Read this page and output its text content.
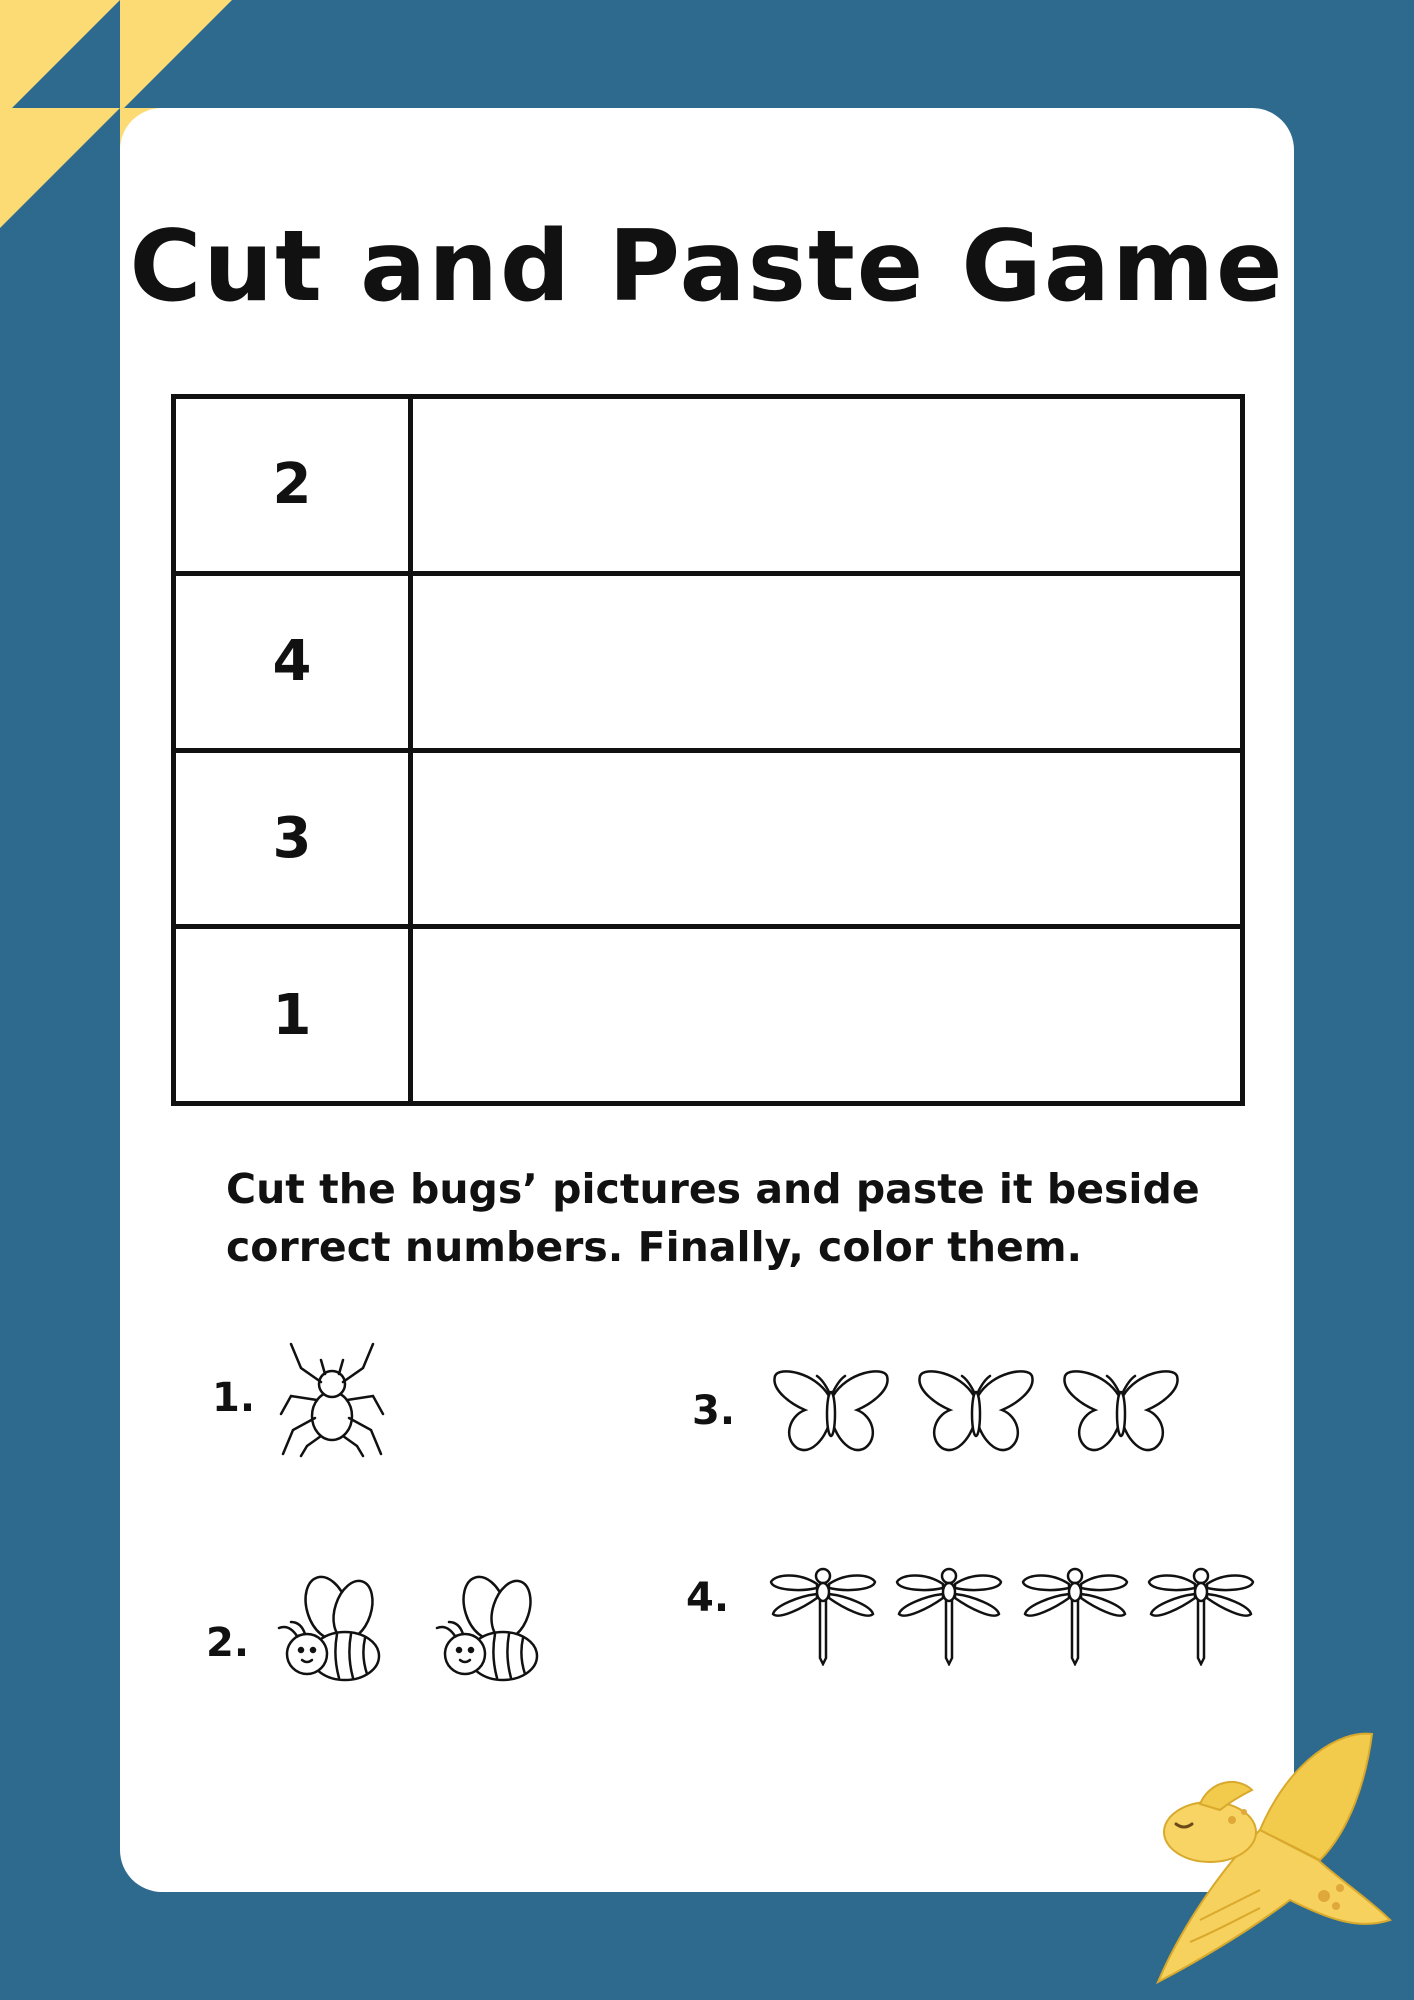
Cut and Paste Game
2	
4	
3	
1	

Cut the bugs’ pictures and paste it beside correct numbers. Finally, color them.

1.
2.
3.
4.
